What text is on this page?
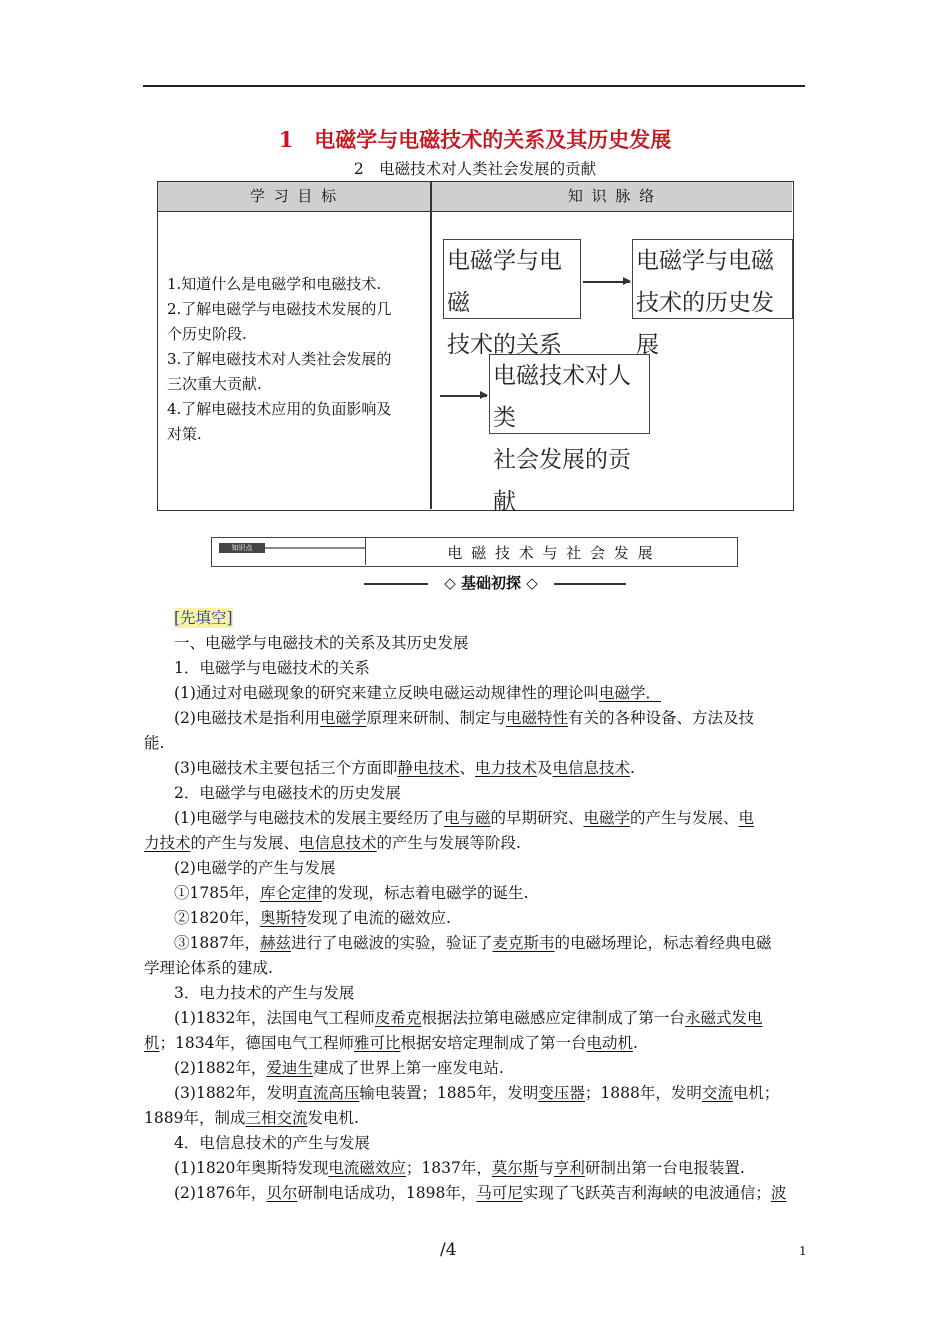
1　电磁学与电磁技术的关系及其历史发展
2　电磁技术对人类社会发展的贡献
学 习 目 标	知 识 脉 络
1.知道什么是电磁学和电磁技术.
2.了解电磁学与电磁技术发展的几
个历史阶段.
3.了解电磁技术对人类社会发展的
三次重大贡献.
4.了解电磁技术应用的负面影响及
对策.
电磁学与电磁
技术的关系
电磁学与电磁
技术的历史发展
电磁技术对人类
社会发展的贡献
知识点	电 磁 技 术 与 社 会 发 展
◇ 基础初探 ◇
[先填空]
一、电磁学与电磁技术的关系及其历史发展
1．电磁学与电磁技术的关系
(1)通过对电磁现象的研究来建立反映电磁运动规律性的理论叫电磁学．
(2)电磁技术是指利用电磁学原理来研制、制定与电磁特性有关的各种设备、方法及技
能.
(3)电磁技术主要包括三个方面即静电技术、电力技术及电信息技术.
2．电磁学与电磁技术的历史发展
(1)电磁学与电磁技术的发展主要经历了电与磁的早期研究、电磁学的产生与发展、电
力技术的产生与发展、电信息技术的产生与发展等阶段.
(2)电磁学的产生与发展
①1785年，库仑定律的发现，标志着电磁学的诞生.
②1820年，奥斯特发现了电流的磁效应.
③1887年，赫兹进行了电磁波的实验，验证了麦克斯韦的电磁场理论，标志着经典电磁
学理论体系的建成.
3．电力技术的产生与发展
(1)1832年，法国电气工程师皮希克根据法拉第电磁感应定律制成了第一台永磁式发电
机；1834年，德国电气工程师雅可比根据安培定理制成了第一台电动机.
(2)1882年，爱迪生建成了世界上第一座发电站.
(3)1882年，发明直流高压输电装置；1885年，发明变压器；1888年，发明交流电机；
1889年，制成三相交流发电机.
4．电信息技术的产生与发展
(1)1820年奥斯特发现电流磁效应；1837年，莫尔斯与亨利研制出第一台电报装置.
(2)1876年，贝尔研制电话成功，1898年，马可尼实现了飞跃英吉利海峡的电波通信；波
/4	1
